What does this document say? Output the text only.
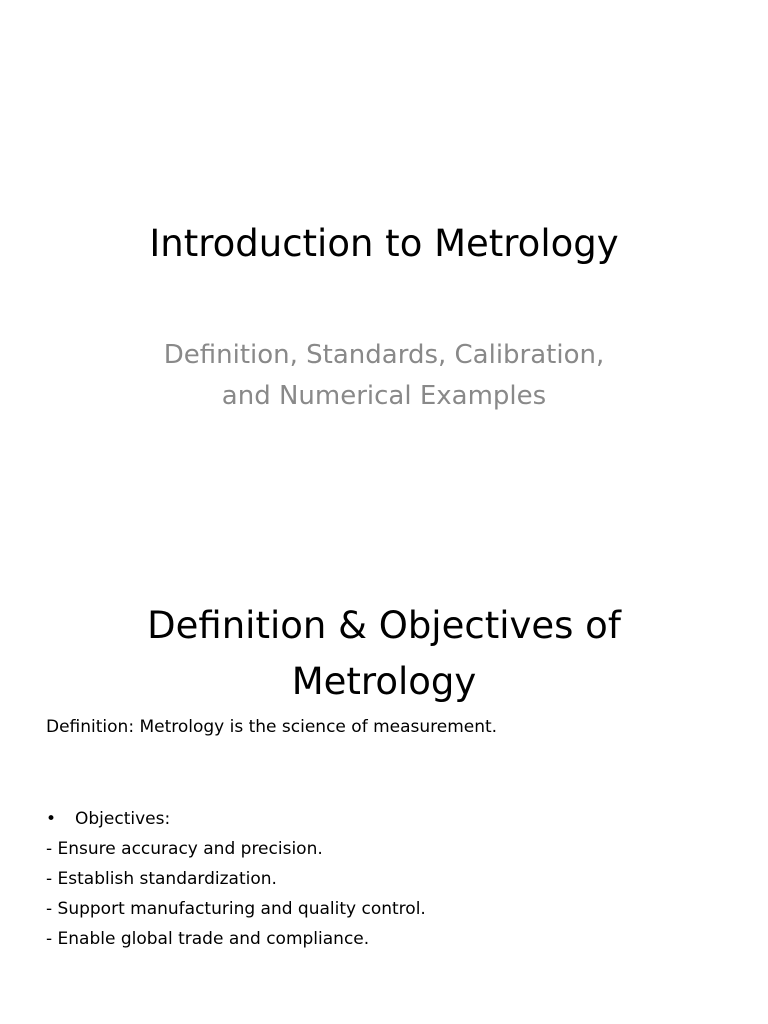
Introduction to Metrology
Definition, Standards, Calibration,
and Numerical Examples
Definition & Objectives of
Metrology
Definition: Metrology is the science of measurement.
• Objectives:
- Ensure accuracy and precision.
- Establish standardization.
- Support manufacturing and quality control.
- Enable global trade and compliance.
